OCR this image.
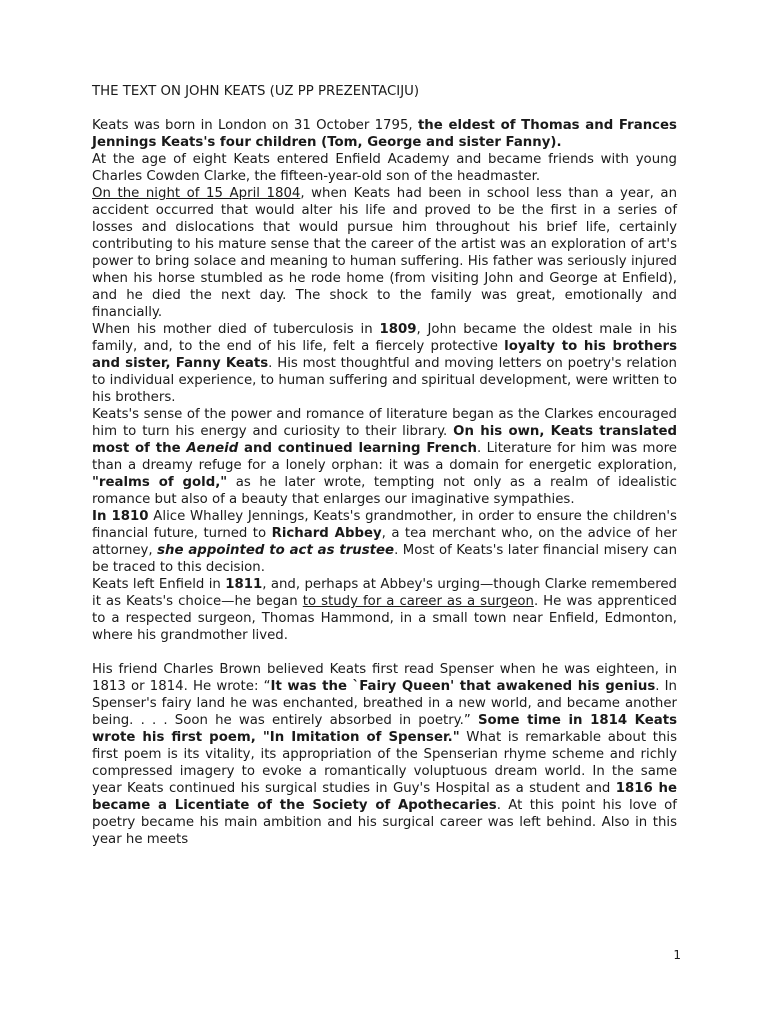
THE TEXT ON JOHN KEATS (UZ PP PREZENTACIJU)

Keats was born in London on 31 October 1795, the eldest of Thomas and Frances Jennings Keats's four children (Tom, George and sister Fanny).

At the age of eight Keats entered Enfield Academy and became friends with young Charles Cowden Clarke, the fifteen-year-old son of the headmaster.

On the night of 15 April 1804, when Keats had been in school less than a year, an accident occurred that would alter his life and proved to be the first in a series of losses and dislocations that would pursue him throughout his brief life, certainly contributing to his mature sense that the career of the artist was an exploration of art's power to bring solace and meaning to human suffering. His father was seriously injured when his horse stumbled as he rode home (from visiting John and George at Enfield), and he died the next day. The shock to the family was great, emotionally and financially.

When his mother died of tuberculosis in 1809, John became the oldest male in his family, and, to the end of his life, felt a fiercely protective loyalty to his brothers and sister, Fanny Keats. His most thoughtful and moving letters on poetry's relation to individual experience, to human suffering and spiritual development, were written to his brothers.

Keats's sense of the power and romance of literature began as the Clarkes encouraged him to turn his energy and curiosity to their library. On his own, Keats translated most of the Aeneid and continued learning French. Literature for him was more than a dreamy refuge for a lonely orphan: it was a domain for energetic exploration, "realms of gold," as he later wrote, tempting not only as a realm of idealistic romance but also of a beauty that enlarges our imaginative sympathies.

In 1810 Alice Whalley Jennings, Keats's grandmother, in order to ensure the children's financial future, turned to Richard Abbey, a tea merchant who, on the advice of her attorney, she appointed to act as trustee. Most of Keats's later financial misery can be traced to this decision.

Keats left Enfield in 1811, and, perhaps at Abbey's urging—though Clarke remembered it as Keats's choice—he began to study for a career as a surgeon. He was apprenticed to a respected surgeon, Thomas Hammond, in a small town near Enfield, Edmonton, where his grandmother lived.

His friend Charles Brown believed Keats first read Spenser when he was eighteen, in 1813 or 1814. He wrote: “It was the `Fairy Queen' that awakened his genius. In Spenser's fairy land he was enchanted, breathed in a new world, and became another being. . . . Soon he was entirely absorbed in poetry.” Some time in 1814 Keats wrote his first poem, "In Imitation of Spenser." What is remarkable about this first poem is its vitality, its appropriation of the Spenserian rhyme scheme and richly compressed imagery to evoke a romantically voluptuous dream world. In the same year Keats continued his surgical studies in Guy's Hospital as a student and 1816 he became a Licentiate of the Society of Apothecaries. At this point his love of poetry became his main ambition and his surgical career was left behind. Also in this year he meets

1
